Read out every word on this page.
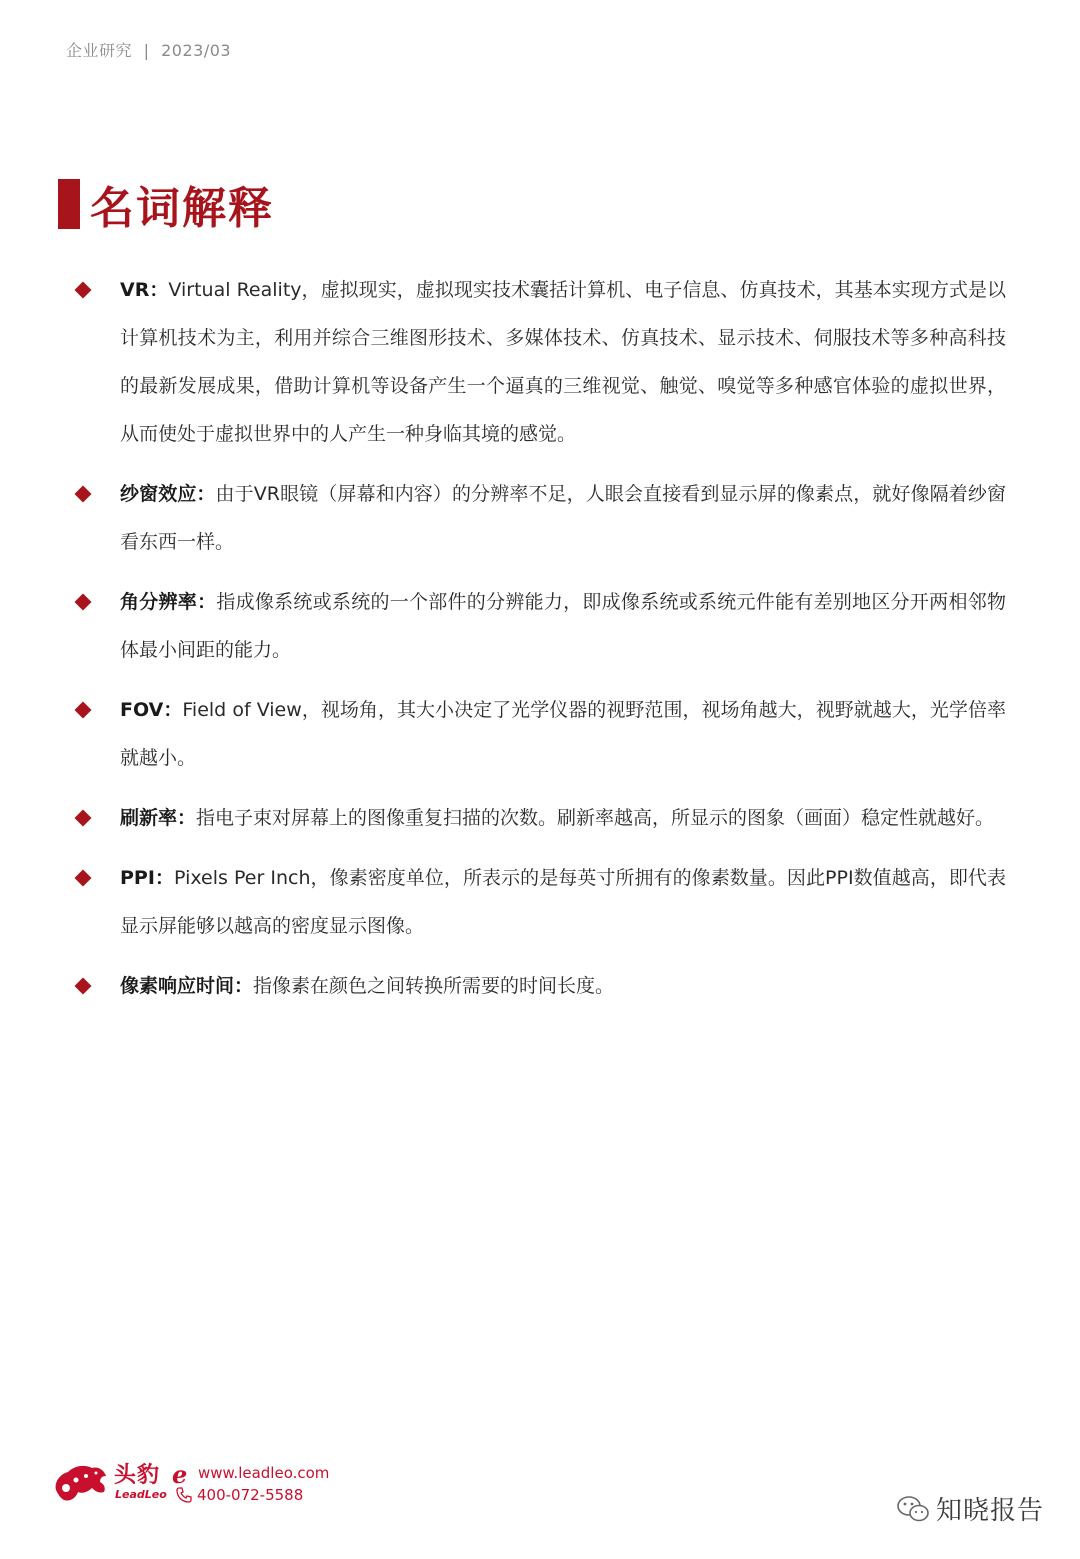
企业研究 | 2023/03
名词解释
VR：Virtual Reality，虚拟现实，虚拟现实技术囊括计算机、电子信息、仿真技术，其基本实现方式是以计算机技术为主，利用并综合三维图形技术、多媒体技术、仿真技术、显示技术、伺服技术等多种高科技的最新发展成果，借助计算机等设备产生一个逼真的三维视觉、触觉、嗅觉等多种感官体验的虚拟世界，从而使处于虚拟世界中的人产生一种身临其境的感觉。
纱窗效应：由于VR眼镜（屏幕和内容）的分辨率不足，人眼会直接看到显示屏的像素点，就好像隔着纱窗看东西一样。
角分辨率：指成像系统或系统的一个部件的分辨能力，即成像系统或系统元件能有差别地区分开两相邻物体最小间距的能力。
FOV：Field of View，视场角，其大小决定了光学仪器的视野范围，视场角越大，视野就越大，光学倍率就越小。
刷新率：指电子束对屏幕上的图像重复扫描的次数。刷新率越高，所显示的图象（画面）稳定性就越好。
PPI：Pixels Per Inch，像素密度单位，所表示的是每英寸所拥有的像素数量。因此PPI数值越高，即代表显示屏能够以越高的密度显示图像。
像素响应时间：指像素在颜色之间转换所需要的时间长度。
头豹
LeadLeo
e www.leadleo.com
400-072-5588
知晓报告
